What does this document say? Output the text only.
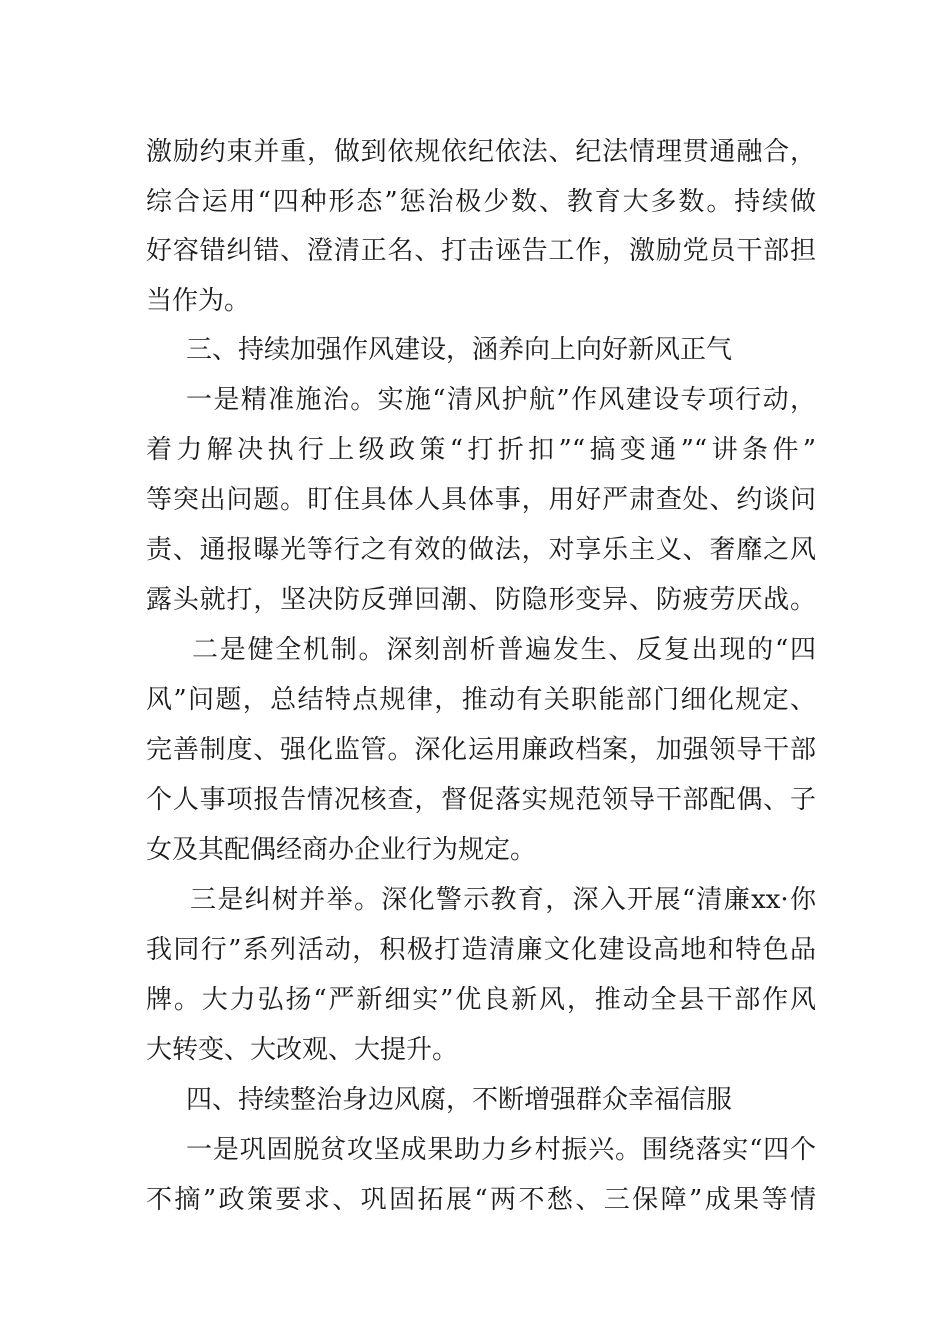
激励约束并重，做到依规依纪依法、纪法情理贯通融合，
综合运用“四种形态”惩治极少数、教育大多数。持续做
好容错纠错、澄清正名、打击诬告工作，激励党员干部担
当作为。
三、持续加强作风建设，涵养向上向好新风正气
一是精准施治。实施“清风护航”作风建设专项行动，
着力解决执行上级政策“打折扣”“搞变通”“讲条件”
等突出问题。盯住具体人具体事，用好严肃查处、约谈问
责、通报曝光等行之有效的做法，对享乐主义、奢靡之风
露头就打，坚决防反弹回潮、防隐形变异、防疲劳厌战。
二是健全机制。深刻剖析普遍发生、反复出现的“四
风”问题，总结特点规律，推动有关职能部门细化规定、
完善制度、强化监管。深化运用廉政档案，加强领导干部
个人事项报告情况核查，督促落实规范领导干部配偶、子
女及其配偶经商办企业行为规定。
三是纠树并举。深化警示教育，深入开展“清廉xx·你
我同行”系列活动，积极打造清廉文化建设高地和特色品
牌。大力弘扬“严新细实”优良新风，推动全县干部作风
大转变、大改观、大提升。
四、持续整治身边风腐，不断增强群众幸福信服
一是巩固脱贫攻坚成果助力乡村振兴。围绕落实“四个
不摘”政策要求、巩固拓展“两不愁、三保障”成果等情
